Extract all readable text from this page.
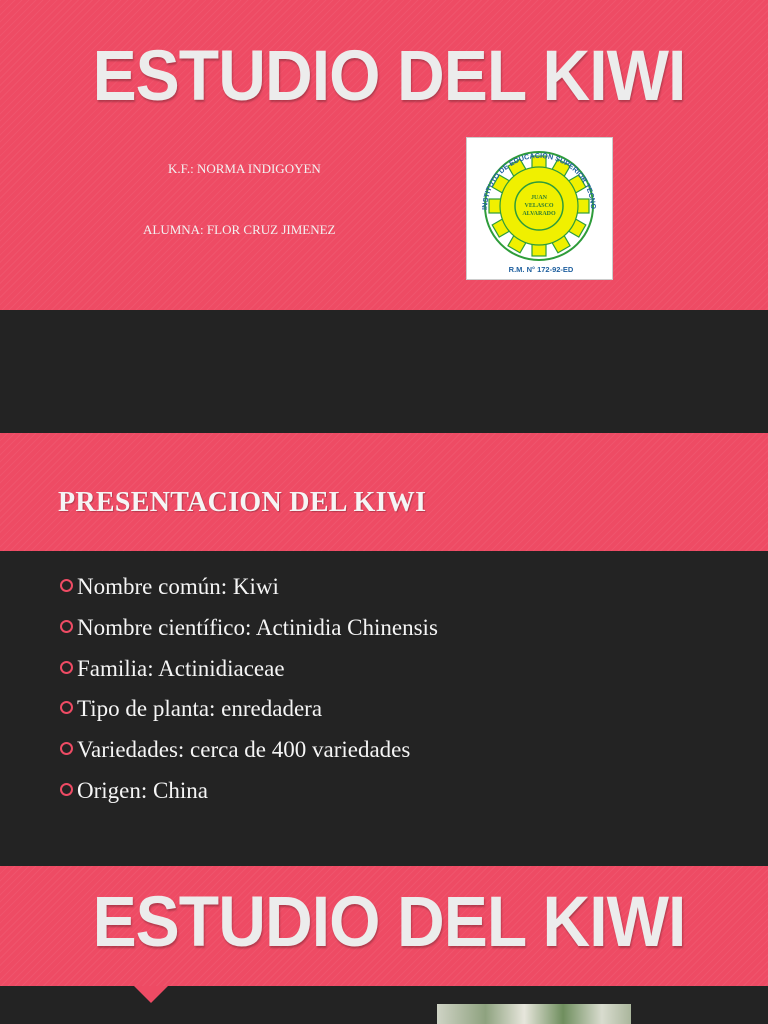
ESTUDIO DEL KIWI
K.F.: NORMA INDIGOYEN
ALUMNA: FLOR CRUZ JIMENEZ
INSTITUTO DE EDUCACIÓN SUPERIOR TECNO
JUAN
VELASCO
ALVARADO
R.M. N° 172-92-ED
PRESENTACION DEL KIWI
Nombre común: Kiwi
Nombre científico: Actinidia Chinensis
Familia: Actinidiaceae
Tipo de planta: enredadera
Variedades: cerca de 400 variedades
Origen: China
ESTUDIO DEL KIWI
